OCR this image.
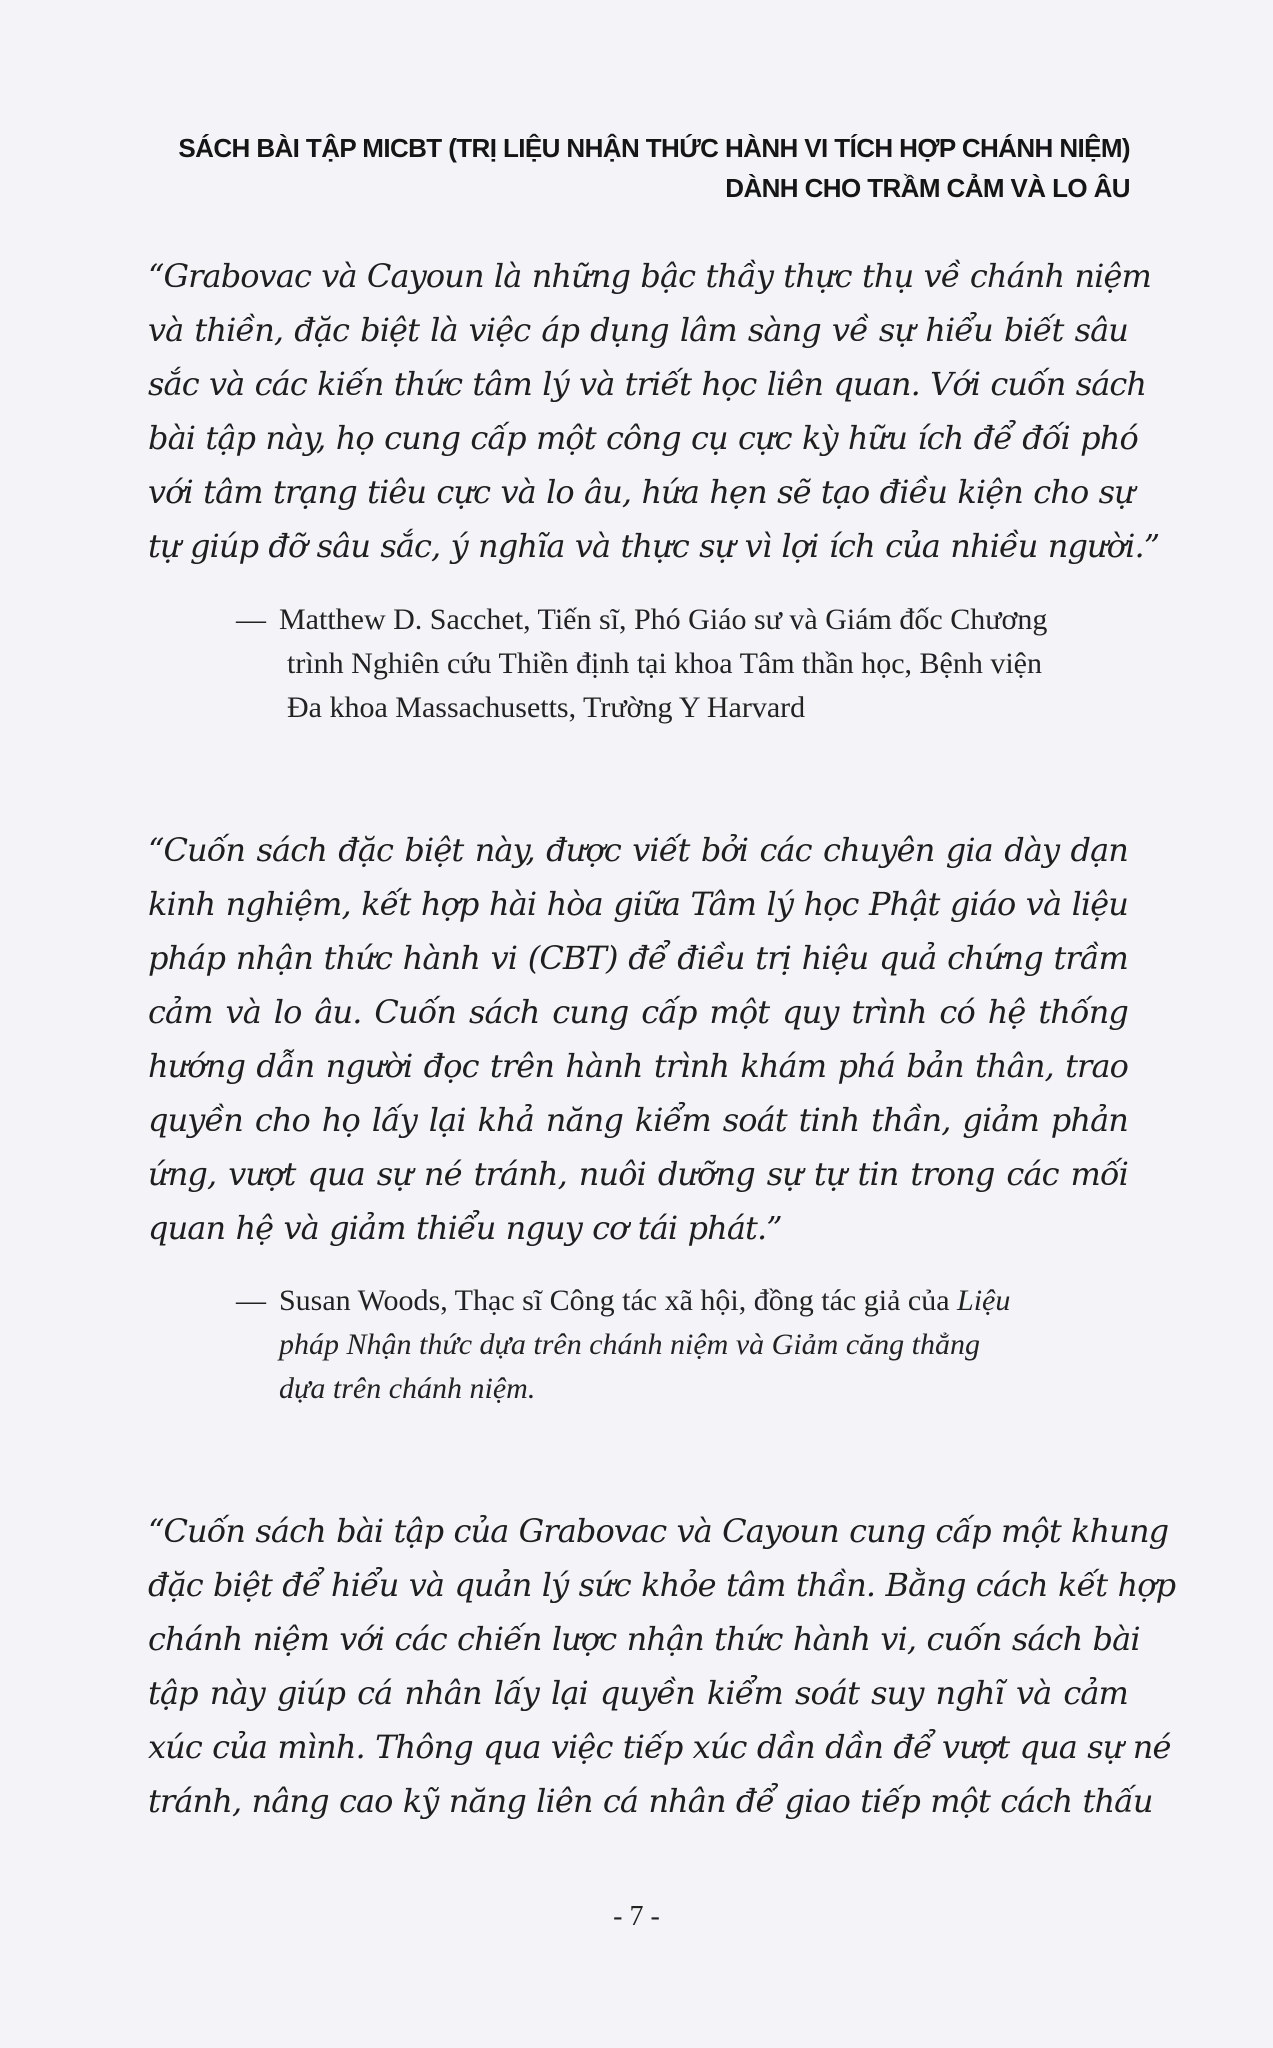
SÁCH BÀI TẬP MICBT (TRỊ LIỆU NHẬN THỨC HÀNH VI TÍCH HỢP CHÁNH NIỆM)
DÀNH CHO TRẦM CẢM VÀ LO ÂU
“Grabovac và Cayoun là những bậc thầy thực thụ về chánh niệm
và thiền, đặc biệt là việc áp dụng lâm sàng về sự hiểu biết sâu
sắc và các kiến thức tâm lý và triết học liên quan. Với cuốn sách
bài tập này, họ cung cấp một công cụ cực kỳ hữu ích để đối phó
với tâm trạng tiêu cực và lo âu, hứa hẹn sẽ tạo điều kiện cho sự
tự giúp đỡ sâu sắc, ý nghĩa và thực sự vì lợi ích của nhiều người.”
— Matthew D. Sacchet, Tiến sĩ, Phó Giáo sư và Giám đốc Chương
trình Nghiên cứu Thiền định tại khoa Tâm thần học, Bệnh viện
Đa khoa Massachusetts, Trường Y Harvard
“Cuốn sách đặc biệt này, được viết bởi các chuyên gia dày dạn
kinh nghiệm, kết hợp hài hòa giữa Tâm lý học Phật giáo và liệu
pháp nhận thức hành vi (CBT) để điều trị hiệu quả chứng trầm
cảm và lo âu. Cuốn sách cung cấp một quy trình có hệ thống
hướng dẫn người đọc trên hành trình khám phá bản thân, trao
quyền cho họ lấy lại khả năng kiểm soát tinh thần, giảm phản
ứng, vượt qua sự né tránh, nuôi dưỡng sự tự tin trong các mối
quan hệ và giảm thiểu nguy cơ tái phát.”
— Susan Woods, Thạc sĩ Công tác xã hội, đồng tác giả của Liệu
pháp Nhận thức dựa trên chánh niệm và Giảm căng thẳng
dựa trên chánh niệm.
“Cuốn sách bài tập của Grabovac và Cayoun cung cấp một khung
đặc biệt để hiểu và quản lý sức khỏe tâm thần. Bằng cách kết hợp
chánh niệm với các chiến lược nhận thức hành vi, cuốn sách bài
tập này giúp cá nhân lấy lại quyền kiểm soát suy nghĩ và cảm
xúc của mình. Thông qua việc tiếp xúc dần dần để vượt qua sự né
tránh, nâng cao kỹ năng liên cá nhân để giao tiếp một cách thấu
- 7 -
